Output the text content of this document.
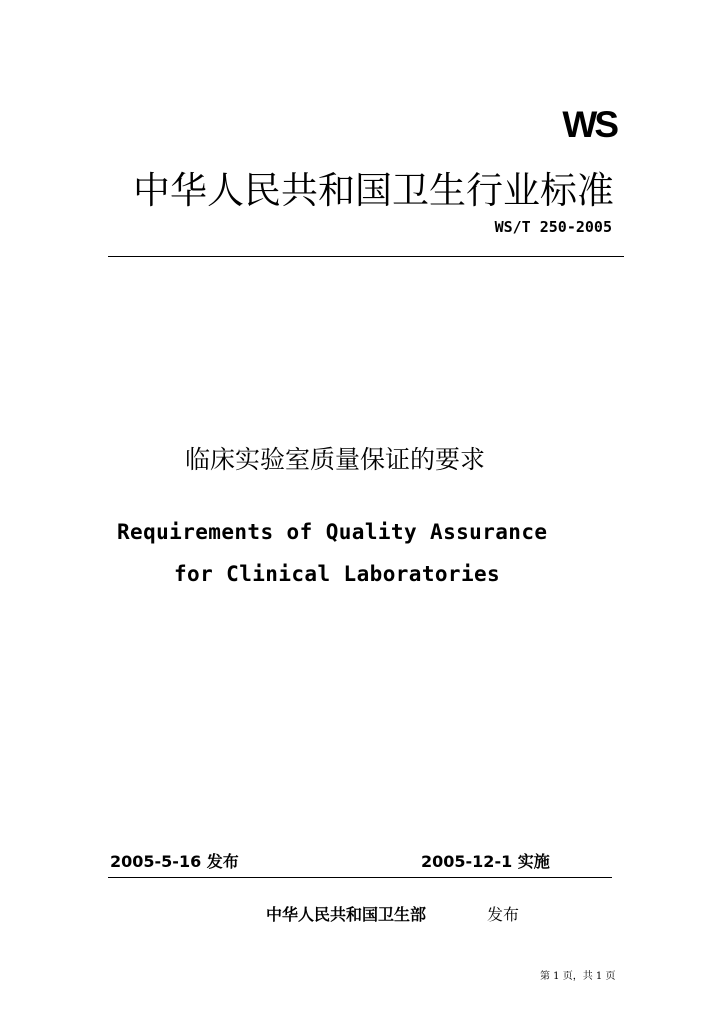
WS
中华人民共和国卫生行业标准
WS/T 250-2005
临床实验室质量保证的要求
Requirements of Quality Assurance
for Clinical Laboratories
2005-5-16 发布	2005-12-1 实施
中华人民共和国卫生部	发布
第 1 页，共 1 页
